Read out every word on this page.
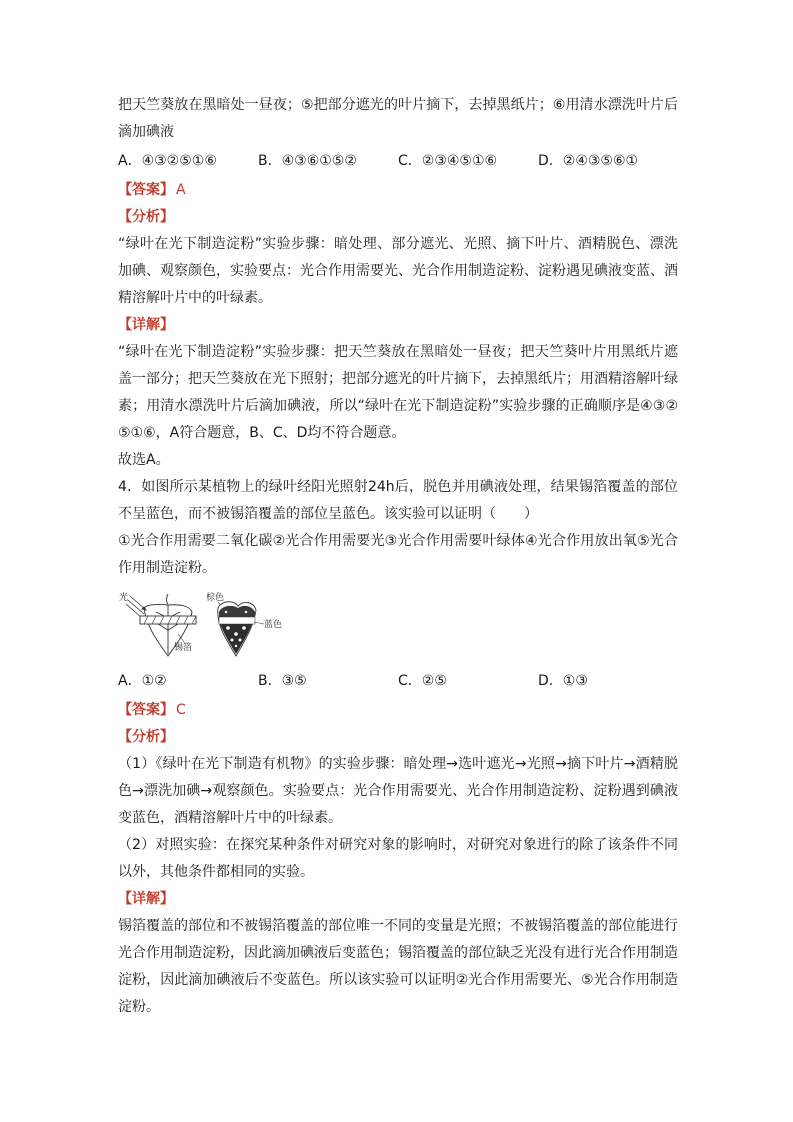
把天竺葵放在黑暗处一昼夜；⑤把部分遮光的叶片摘下，去掉黑纸片；⑥用清水漂洗叶片后滴加碘液

A．④③②⑤①⑥	B．④③⑥①⑤②	C．②③④⑤①⑥	D．②④③⑤⑥①
【答案】 A
【分析】

“绿叶在光下制造淀粉”实验步骤：暗处理、部分遮光、光照、摘下叶片、酒精脱色、漂洗加碘、观察颜色，实验要点：光合作用需要光、光合作用制造淀粉、淀粉遇见碘液变蓝、酒精溶解叶片中的叶绿素。

【详解】

“绿叶在光下制造淀粉”实验步骤：把天竺葵放在黑暗处一昼夜；把天竺葵叶片用黑纸片遮盖一部分；把天竺葵放在光下照射；把部分遮光的叶片摘下，去掉黑纸片；用酒精溶解叶绿素；用清水漂洗叶片后滴加碘液，所以“绿叶在光下制造淀粉”实验步骤的正确顺序是④③②⑤①⑥，A符合题意，B、C、D均不符合题意。

故选A。

4．如图所示某植物上的绿叶经阳光照射24h后，脱色并用碘液处理，结果锡箔覆盖的部位不呈蓝色，而不被锡箔覆盖的部位呈蓝色。该实验可以证明（　　）

①光合作用需要二氧化碳②光合作用需要光③光合作用需要叶绿体④光合作用放出氧⑤光合作用制造淀粉。

光
锡箔
棕色
蓝色
A．①②	B．③⑤	C．②⑤	D．①③
【答案】 C
【分析】

（1）《绿叶在光下制造有机物》的实验步骤：暗处理→选叶遮光→光照→摘下叶片→酒精脱色→漂洗加碘→观察颜色。实验要点：光合作用需要光、光合作用制造淀粉、淀粉遇到碘液变蓝色，酒精溶解叶片中的叶绿素。

（2）对照实验：在探究某种条件对研究对象的影响时，对研究对象进行的除了该条件不同以外，其他条件都相同的实验。

【详解】

锡箔覆盖的部位和不被锡箔覆盖的部位唯一不同的变量是光照；不被锡箔覆盖的部位能进行光合作用制造淀粉，因此滴加碘液后变蓝色；锡箔覆盖的部位缺乏光没有进行光合作用制造淀粉，因此滴加碘液后不变蓝色。所以该实验可以证明②光合作用需要光、⑤光合作用制造淀粉。
